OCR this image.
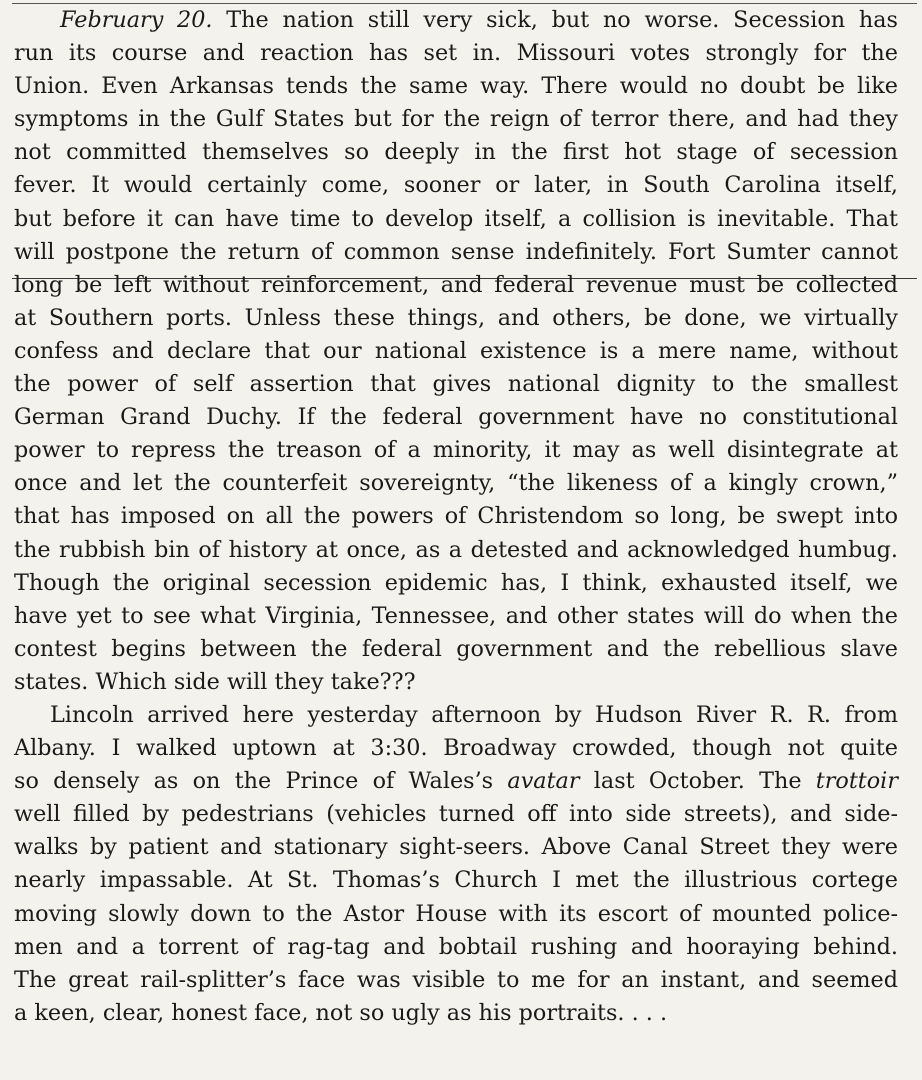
February 20. The nation still very sick, but no worse. Secession has
run its course and reaction has set in. Missouri votes strongly for the
Union. Even Arkansas tends the same way. There would no doubt be like
symptoms in the Gulf States but for the reign of terror there, and had they
not committed themselves so deeply in the first hot stage of secession
fever. It would certainly come, sooner or later, in South Carolina itself,
but before it can have time to develop itself, a collision is inevitable. That
will postpone the return of common sense indefinitely. Fort Sumter cannot
long be left without reinforcement, and federal revenue must be collected
at Southern ports. Unless these things, and others, be done, we virtually
confess and declare that our national existence is a mere name, without
the power of self assertion that gives national dignity to the smallest
German Grand Duchy. If the federal government have no constitutional
power to repress the treason of a minority, it may as well disintegrate at
once and let the counterfeit sovereignty, “the likeness of a kingly crown,”
that has imposed on all the powers of Christendom so long, be swept into
the rubbish bin of history at once, as a detested and acknowledged humbug.
Though the original secession epidemic has, I think, exhausted itself, we
have yet to see what Virginia, Tennessee, and other states will do when the
contest begins between the federal government and the rebellious slave
states. Which side will they take???
Lincoln arrived here yesterday afternoon by Hudson River R. R. from
Albany. I walked uptown at 3:30. Broadway crowded, though not quite
so densely as on the Prince of Wales’s avatar last October. The trottoir
well filled by pedestrians (vehicles turned off into side streets), and side-
walks by patient and stationary sight-seers. Above Canal Street they were
nearly impassable. At St. Thomas’s Church I met the illustrious cortege
moving slowly down to the Astor House with its escort of mounted police-
men and a torrent of rag-tag and bobtail rushing and hooraying behind.
The great rail-splitter’s face was visible to me for an instant, and seemed
a keen, clear, honest face, not so ugly as his portraits. . . .
